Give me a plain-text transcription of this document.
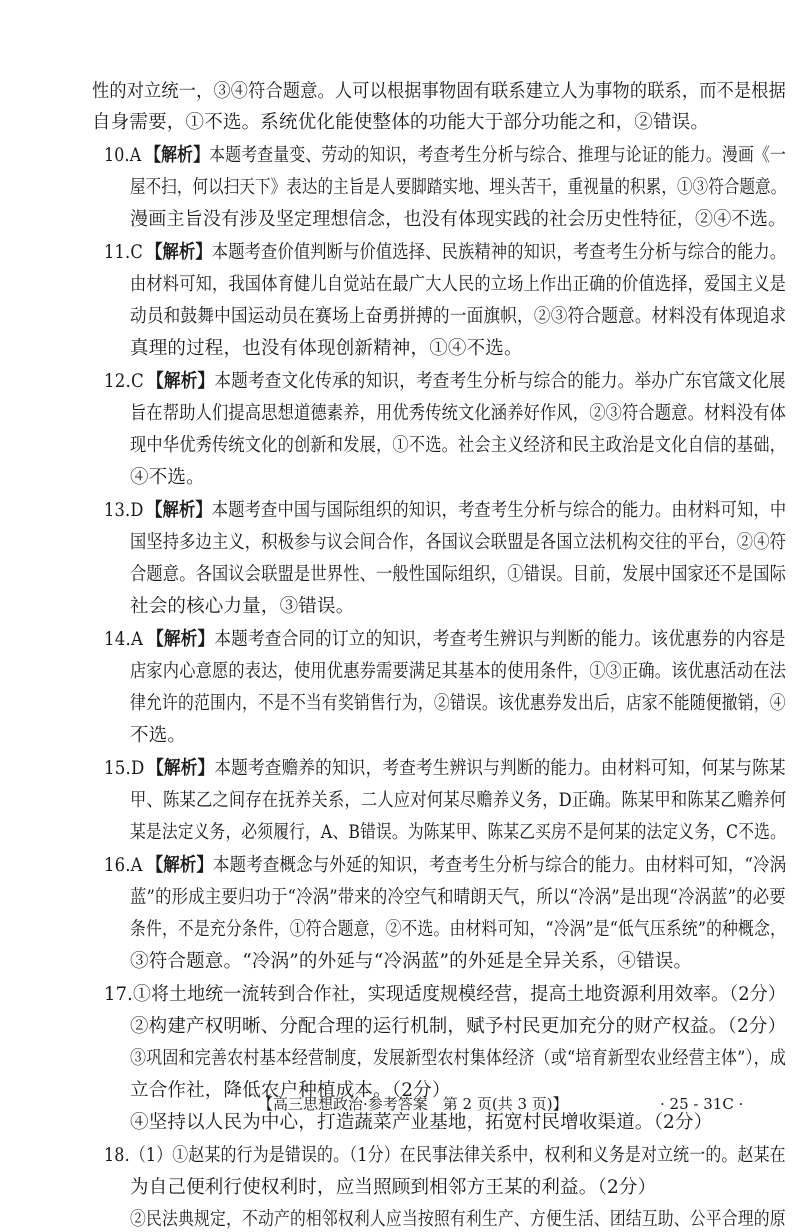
性的对立统一，③④符合题意。人可以根据事物固有联系建立人为事物的联系，而不是根据
自身需要，①不选。系统优化能使整体的功能大于部分功能之和，②错误。
10.A 【解析】本题考查量变、劳动的知识，考查考生分析与综合、推理与论证的能力。漫画《一
屋不扫，何以扫天下》表达的主旨是人要脚踏实地、埋头苦干，重视量的积累，①③符合题意。
漫画主旨没有涉及坚定理想信念，也没有体现实践的社会历史性特征，②④不选。
11.C 【解析】本题考查价值判断与价值选择、民族精神的知识，考查考生分析与综合的能力。
由材料可知，我国体育健儿自觉站在最广大人民的立场上作出正确的价值选择，爱国主义是
动员和鼓舞中国运动员在赛场上奋勇拼搏的一面旗帜，②③符合题意。材料没有体现追求
真理的过程，也没有体现创新精神，①④不选。
12.C 【解析】本题考查文化传承的知识，考查考生分析与综合的能力。举办广东官箴文化展
旨在帮助人们提高思想道德素养，用优秀传统文化涵养好作风，②③符合题意。材料没有体
现中华优秀传统文化的创新和发展，①不选。社会主义经济和民主政治是文化自信的基础，
④不选。
13.D 【解析】本题考查中国与国际组织的知识，考查考生分析与综合的能力。由材料可知，中
国坚持多边主义，积极参与议会间合作，各国议会联盟是各国立法机构交往的平台，②④符
合题意。各国议会联盟是世界性、一般性国际组织，①错误。目前，发展中国家还不是国际
社会的核心力量，③错误。
14.A 【解析】本题考查合同的订立的知识，考查考生辨识与判断的能力。该优惠券的内容是
店家内心意愿的表达，使用优惠券需要满足其基本的使用条件，①③正确。该优惠活动在法
律允许的范围内，不是不当有奖销售行为，②错误。该优惠券发出后，店家不能随便撤销，④
不选。
15.D 【解析】本题考查赡养的知识，考查考生辨识与判断的能力。由材料可知，何某与陈某
甲、陈某乙之间存在抚养关系，二人应对何某尽赡养义务，D正确。陈某甲和陈某乙赡养何
某是法定义务，必须履行，A、B错误。为陈某甲、陈某乙买房不是何某的法定义务，C不选。
16.A 【解析】本题考查概念与外延的知识，考查考生分析与综合的能力。由材料可知，“冷涡
蓝”的形成主要归功于“冷涡”带来的冷空气和晴朗天气，所以“冷涡”是出现“冷涡蓝”的必要
条件，不是充分条件，①符合题意，②不选。由材料可知，“冷涡”是“低气压系统”的种概念，
③符合题意。“冷涡”的外延与“冷涡蓝”的外延是全异关系，④错误。
17.①将土地统一流转到合作社，实现适度规模经营，提高土地资源利用效率。（2分）
②构建产权明晰、分配合理的运行机制，赋予村民更加充分的财产权益。（2分）
③巩固和完善农村基本经营制度，发展新型农村集体经济（或“培育新型农业经营主体”），成
立合作社，降低农户种植成本。（2分）
④坚持以人民为中心，打造蔬菜产业基地，拓宽村民增收渠道。（2分）
18.（1）①赵某的行为是错误的。（1分）在民事法律关系中，权利和义务是对立统一的。赵某在
为自己便利行使权利时，应当照顾到相邻方王某的利益。（2分）
②民法典规定，不动产的相邻权利人应当按照有利生产、方便生活、团结互助、公平合理的原
【高三思想政治·参考答案　第 2 页(共 3 页)】	· 25 - 31C ·
